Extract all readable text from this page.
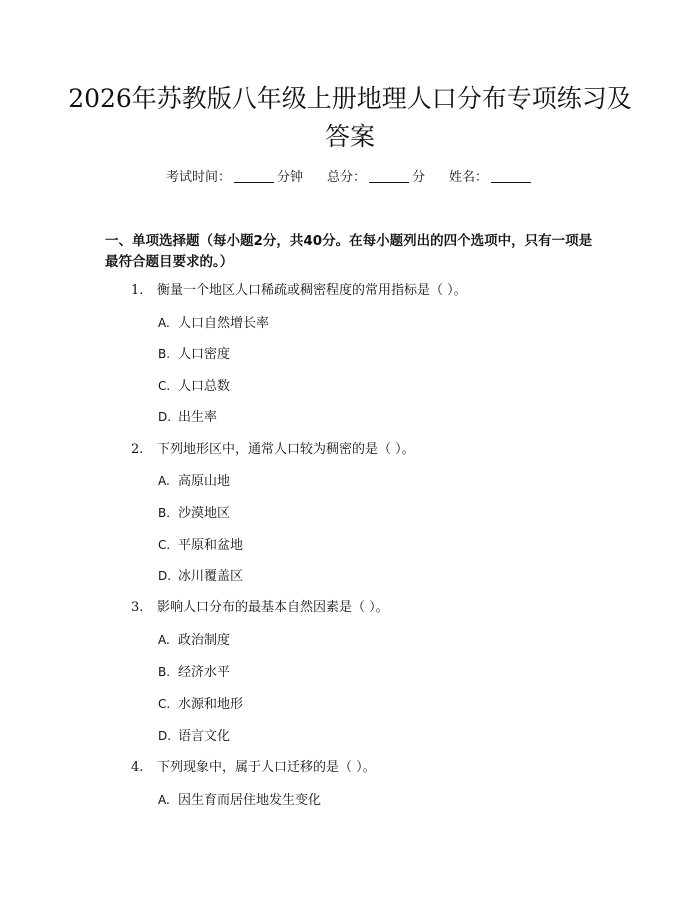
2026年苏教版八年级上册地理人口分布专项练习及答案
考试时间：	分钟 总分：	分 姓名：

一、单项选择题（每小题2分，共40分。在每小题列出的四个选项中，只有一项是最符合题目要求的。）

1. 衡量一个地区人口稀疏或稠密程度的常用指标是（ ）。
A. 人口自然增长率
B. 人口密度
C. 人口总数
D. 出生率
2. 下列地形区中，通常人口较为稠密的是（ ）。
A. 高原山地
B. 沙漠地区
C. 平原和盆地
D. 冰川覆盖区
3. 影响人口分布的最基本自然因素是（ ）。
A. 政治制度
B. 经济水平
C. 水源和地形
D. 语言文化
4. 下列现象中，属于人口迁移的是（ ）。
A. 因生育而居住地发生变化
